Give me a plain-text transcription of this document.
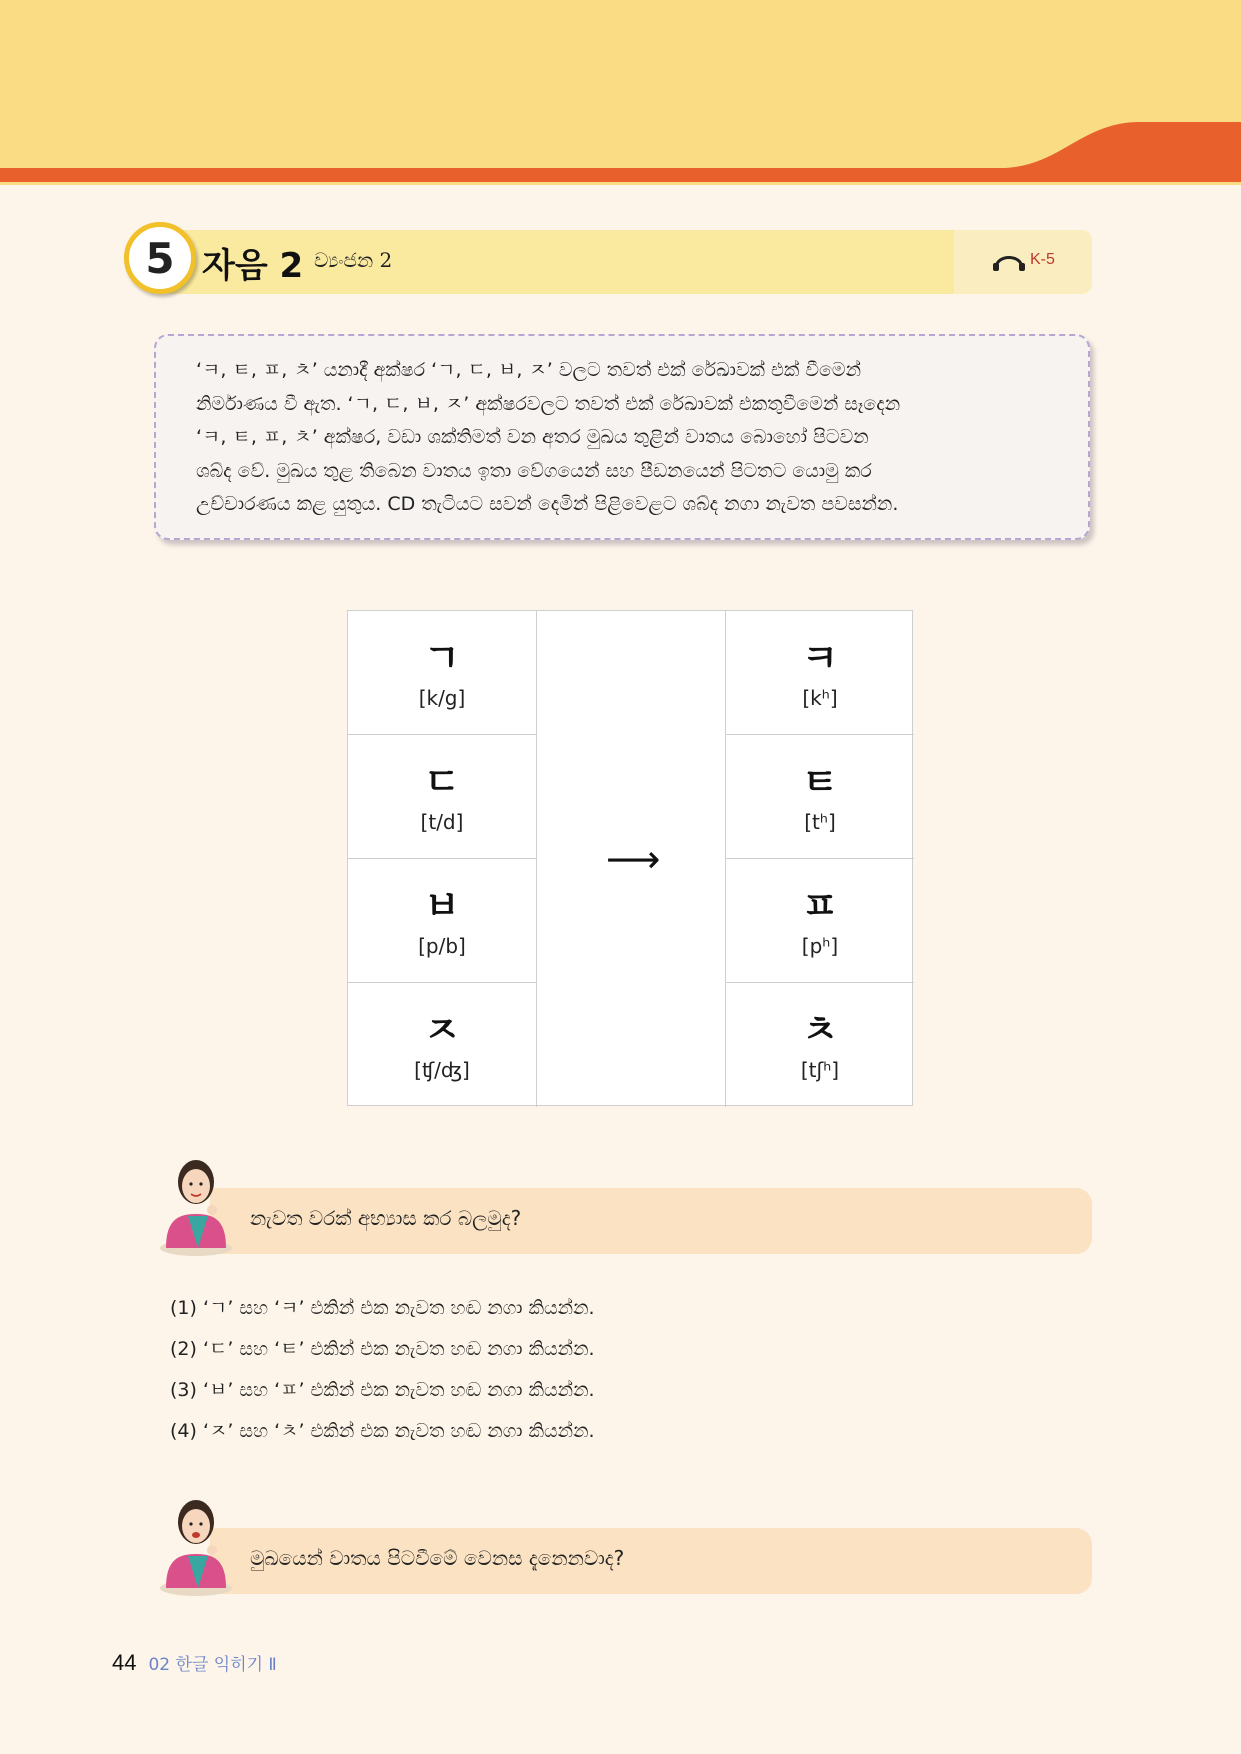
5 자음 2 ව්‍යංජන 2	K-5
‘ㅋ, ㅌ, ㅍ, ㅊ’ යනාදී අක්ෂර ‘ㄱ, ㄷ, ㅂ, ㅈ’ වලට තවත් එක් රේඛාවක් එක් වීමෙන්
නිර්මාණය වී ඇත. ‘ㄱ, ㄷ, ㅂ, ㅈ’ අක්ෂරවලට තවත් එක් රේඛාවක් එකතුවීමෙන් සෑදෙන
‘ㅋ, ㅌ, ㅍ, ㅊ’ අක්ෂර, වඩා ශක්තිමත් වන අතර මුඛය තුළින් වාතය බොහෝ පිටවන
ශබ්ද වේ. මුඛය තුළ තිබෙන වාතය ඉතා වේගයෙන් සහ පීඩනයෙන් පිටතට යොමු කර
උච්චාරණය කළ යුතුය. CD තැටියට සවන් දෙමින් පිළිවෙළට ශබ්ද නගා නැවත පවසන්න.
ㄱ
[k/g]
ㄷ
[t/d]
ㅂ
[p/b]
ㅈ
[ʧ/ʤ]
⟶
ㅋ
[kʰ]
ㅌ
[tʰ]
ㅍ
[pʰ]
ㅊ
[tʃʰ]
නැවත වරක් අභ්‍යාස කර බලමුද?
(1) ‘ㄱ’ සහ ‘ㅋ’ එකින් එක නැවත හඬ නගා කියන්න.
(2) ‘ㄷ’ සහ ‘ㅌ’ එකින් එක නැවත හඬ නගා කියන්න.
(3) ‘ㅂ’ සහ ‘ㅍ’ එකින් එක නැවත හඬ නගා කියන්න.
(4) ‘ㅈ’ සහ ‘ㅊ’ එකින් එක නැවත හඬ නගා කියන්න.
මුඛයෙන් වාතය පිටවීමේ වෙනස දැනෙනවාද?
44 02 한글 익히기 Ⅱ
